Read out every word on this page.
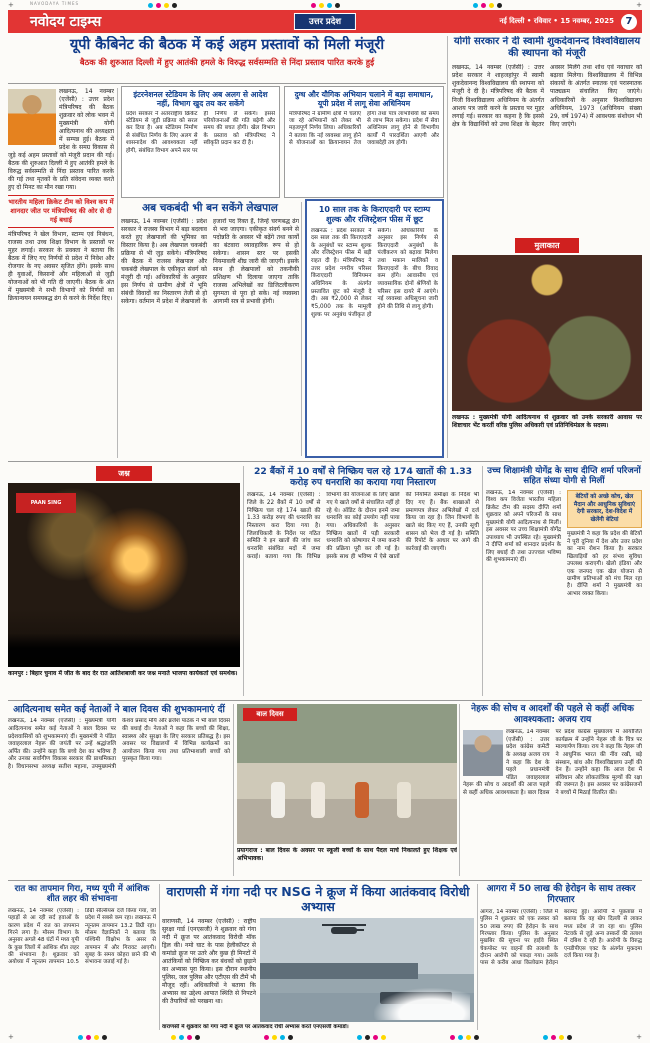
+	+
NAVODAYA TIMES
नवोदय टाइम्स	उत्तर प्रदेश	नई दिल्ली • रविवार • 15 नवम्बर, 2025	7
यूपी कैबिनेट की बैठक में कई अहम प्रस्तावों को मिली मंजूरी

बैठक की शुरुआत दिल्ली में हुए आतंकी हमले के विरुद्ध सर्वसम्मति से निंदा प्रस्ताव पारित करके हुई

लखनऊ, 14 नवम्बर (एजेंसी) : उत्तर प्रदेश मंत्रिपरिषद की बैठक शुक्रवार को लोक भवन में मुख्यमंत्री योगी आदित्यनाथ की अध्यक्षता में सम्पन्न हुई। बैठक में प्रदेश के समग्र विकास से जुड़े कई अहम प्रस्तावों को मंजूरी प्रदान की गई। बैठक की शुरुआत दिल्ली में हुए आतंकी हमले के विरुद्ध सर्वसम्मति से निंदा प्रस्ताव पारित करके की गई तथा मृतकों के प्रति संवेदना व्यक्त करते हुए दो मिनट का मौन रखा गया।
भारतीय महिला क्रिकेट टीम को विश्व कप में शानदार जीत पर मंत्रिपरिषद की ओर से दी गई बधाई
मंत्रिपरिषद ने खेल विभाग, स्टाम्प एवं निबंधन, राजस्व तथा उच्च शिक्षा विभाग के प्रस्तावों पर मुहर लगाई। सरकार के प्रवक्ता ने बताया कि बैठक में लिए गए निर्णयों से प्रदेश में निवेश और रोजगार के नए अवसर सृजित होंगे। इसके साथ ही युवाओं, किसानों और महिलाओं से जुड़ी योजनाओं को भी गति दी जाएगी। बैठक के अंत में मुख्यमंत्री ने सभी विभागों को निर्णयों का क्रियान्वयन समयबद्ध ढंग से करने के निर्देश दिए।
इंटरनेशनल स्टेडियम के लिए अब अलग से आदेश नहीं, विभाग खुद तय कर सकेंगे
प्रदेश सरकार ने अंतरराष्ट्रीय क्रिकेट स्टेडियम से जुड़ी प्रक्रिया को सरल कर दिया है। अब स्टेडियम निर्माण से संबंधित निर्णय के लिए अलग से शासनादेश की आवश्यकता नहीं होगी, संबंधित विभाग अपने स्तर पर ही निर्णय ले सकेंगे। इससे परियोजनाओं की गति बढ़ेगी और समय की बचत होगी। खेल विभाग के प्रस्ताव को मंत्रिपरिषद ने स्वीकृति प्रदान कर दी है।
दुग्ध और यौगिक अभियान चलाने में बड़ा समाधान, यूपी प्रदेश में लागू सेवा अधिनियम
मंत्रिपरिषद ने ग्रामीण क्षेत्रों में चलाए जा रहे अभियानों को लेकर भी महत्वपूर्ण निर्णय लिया। अधिकारियों ने बताया कि नई व्यवस्था लागू होने से योजनाओं का क्रियान्वयन तेज होगा तथा पात्र लाभार्थियों को समय से लाभ मिल सकेगा। प्रदेश में सेवा अधिनियम लागू होने से विभागीय कार्यों में पारदर्शिता आएगी और जवाबदेही तय होगी।
अब चकबंदी भी बन सकेंगे लेखपाल
लखनऊ, 14 नवम्बर (एजेंसी) : प्रदेश सरकार ने राजस्व विभाग में बड़ा बदलाव करते हुए लेखपालों की भूमिका का विस्तार किया है। अब लेखपाल चकबंदी प्रक्रिया से भी जुड़ सकेंगे। मंत्रिपरिषद की बैठक में राजस्व लेखपाल और चकबंदी लेखपाल के एकीकृत संवर्ग को मंजूरी दी गई। अधिकारियों के अनुसार इस निर्णय से ग्रामीण क्षेत्रों में भूमि संबंधी विवादों का निस्तारण तेजी से हो सकेगा। वर्तमान में प्रदेश में लेखपालों के हजारों पद रिक्त हैं, जिन्हें चरणबद्ध ढंग से भरा जाएगा। एकीकृत संवर्ग बनने से पदोन्नति के अवसर भी बढ़ेंगे तथा कार्यों का बंटवारा व्यावहारिक रूप से हो सकेगा। शासन स्तर पर इसकी नियमावली शीघ्र जारी की जाएगी। इसके साथ ही लेखपालों को तकनीकी प्रशिक्षण भी दिलाया जाएगा ताकि राजस्व अभिलेखों का डिजिटलीकरण सुगमता से पूरा हो सके। नई व्यवस्था आगामी सत्र से प्रभावी होगी।
10 साल तक के किराएदारी पर स्टाम्प शुल्क और रजिस्ट्रेशन फीस में छूट
लखनऊ : प्रदेश सरकार ने दस साल तक की किराएदारी के अनुबंधों पर स्टाम्प शुल्क और रजिस्ट्रेशन फीस में बड़ी राहत दी है। मंत्रिपरिषद ने उत्तर प्रदेश नगरीय परिसर किराएदारी विनियमन अधिनियम के अंतर्गत प्रस्तावित छूट को मंजूरी दे दी। अब ₹2,000 से लेकर ₹5,000 तक के मामूली शुल्क पर अनुबंध पंजीकृत हो सकेंगे। अधिकारियों के अनुसार इस निर्णय से किराएदारी अनुबंधों के पंजीकरण को बढ़ावा मिलेगा तथा मकान मालिकों व किराएदारों के बीच विवाद कम होंगे। आवासीय एवं व्यावसायिक दोनों श्रेणियों के परिसर इस दायरे में आएंगे। नई व्यवस्था अधिसूचना जारी होने की तिथि से लागू होगी।
योगी सरकार ने दी स्वामी शुकदेवानन्द विश्वविद्यालय की स्थापना को मंजूरी
लखनऊ, 14 नवम्बर (एजेंसी) : उत्तर प्रदेश सरकार ने शाहजहांपुर में स्वामी शुकदेवानन्द विश्वविद्यालय की स्थापना को मंजूरी दे दी है। मंत्रिपरिषद की बैठक में निजी विश्वविद्यालय अधिनियम के अंतर्गत आशय पत्र जारी करने के प्रस्ताव पर मुहर लगाई गई। सरकार का कहना है कि इससे क्षेत्र के विद्यार्थियों को उच्च शिक्षा के बेहतर अवसर मिलेंगे तथा शोध एवं नवाचार को बढ़ावा मिलेगा। विश्वविद्यालय में विभिन्न संकायों के अंतर्गत स्नातक एवं परास्नातक पाठ्यक्रम संचालित किए जाएंगे। अधिकारियों के अनुसार विश्वविद्यालय अधिनियम, 1973 (अधिनियम संख्या 29, वर्ष 1974) में आवश्यक संशोधन भी किए जाएंगे।
मुलाकात
लखनऊ : मुख्यमंत्री योगी आदित्यनाथ से शुक्रवार को उनके सरकारी आवास पर शिष्टाचार भेंट करतीं वरिष्ठ पुलिस अधिकारी एवं प्रतिनिधिमंडल के सदस्य।
जश्न
PAAN SING
कानपुर : बिहार चुनाव में जीत के बाद देर रात आतिशबाजी कर जश्न मनाते भाजपा कार्यकर्ता एवं समर्थक।
22 बैंकों में 10 वर्षों से निष्क्रिय चल रहे 174 खातों की 1.33 करोड़ रुप धनराशि का कराया गया निस्तारण
लखनऊ, 14 नवम्बर (एजेंसी) : जिले के 22 बैंकों में 10 वर्षों से निष्क्रिय चल रहे 174 खातों की 1.33 करोड़ रुपए की धनराशि का निस्तारण करा दिया गया है। जिलाधिकारी के निर्देश पर गठित समिति ने इन खातों की जांच कर धनराशि संबंधित मदों में जमा कराई। बताया गया कि विभिन्न विभागों की योजनाओं के लिए खोले गए ये खाते वर्षों से संचालित नहीं हो रहे थे। ऑडिट के दौरान इनमें जमा धनराशि का कोई उपयोग नहीं पाया गया। अधिकारियों के अनुसार निष्क्रिय खातों में पड़ी सरकारी धनराशि को कोषागार में जमा कराने की प्रक्रिया पूरी कर ली गई है। इसके साथ ही भविष्य में ऐसे खातों की नियमित समीक्षा के निर्देश भी दिए गए हैं। बैंक शाखाओं से प्रमाणपत्र लेकर अभिलेखों में दर्ज किया जा रहा है। जिन विभागों के खाते बंद किए गए हैं, उनकी सूची शासन को भेज दी गई है। समिति की रिपोर्ट के आधार पर आगे की कार्रवाई की जाएगी।
उच्च शिक्षामंत्री योगेंद्र के साथ दीप्ति शर्मा परिजनों सहित संध्या योगी से मिलीं
लखनऊ, 14 नवम्बर (एजेंसी) : विश्व कप विजेता भारतीय महिला क्रिकेट टीम की सदस्य दीप्ति शर्मा शुक्रवार को अपने परिजनों के साथ मुख्यमंत्री योगी आदित्यनाथ से मिलीं। इस अवसर पर उच्च शिक्षामंत्री योगेंद्र उपाध्याय भी उपस्थित रहे। मुख्यमंत्री ने दीप्ति शर्मा को शानदार प्रदर्शन के लिए बधाई दी तथा उज्ज्वल भविष्य की शुभकामनाएं दीं।
बेटियों को अच्छे कोच, खेल मैदान और आधुनिक सुविधाएं देगी सरकार, देश-विदेश में खेलेंगी बेटियां
मुख्यमंत्री ने कहा कि प्रदेश की बेटियों ने पूरी दुनिया में देश और उत्तर प्रदेश का नाम रोशन किया है। सरकार खिलाड़ियों को हर संभव सुविधा उपलब्ध कराएगी। खेलो इंडिया और एक जनपद एक खेल योजना से ग्रामीण प्रतिभाओं को मंच मिल रहा है। दीप्ति शर्मा ने मुख्यमंत्री का आभार व्यक्त किया।
आदित्यनाथ समेत कई नेताओं ने बाल दिवस की शुभकामनाएं दीं
लखनऊ, 14 नवम्बर (एजेंसी) : मुख्यमंत्री योगी आदित्यनाथ समेत कई नेताओं ने बाल दिवस पर प्रदेशवासियों को शुभकामनाएं दीं। मुख्यमंत्री ने पंडित जवाहरलाल नेहरू की जयंती पर उन्हें श्रद्धांजलि अर्पित की। उन्होंने कहा कि बच्चे देश का भविष्य हैं और उनका सर्वांगीण विकास सरकार की प्राथमिकता है। विधानसभा अध्यक्ष सतीश महाना, उपमुख्यमंत्री केशव प्रसाद मौर्य और ब्रजेश पाठक ने भी बाल दिवस की बधाई दी। नेताओं ने कहा कि बच्चों की शिक्षा, स्वास्थ्य और सुरक्षा के लिए सरकार प्रतिबद्ध है। इस अवसर पर विद्यालयों में विभिन्न कार्यक्रमों का आयोजन किया गया तथा प्रतिभाशाली बच्चों को पुरस्कृत किया गया।
बाल दिवस
प्रयागराज : बाल दिवस के अवसर पर स्कूली बच्चों के साथ पैदल मार्च निकालते हुए शिक्षक एवं अभिभावक।
नेहरू की सोच व आदर्शों की पहले से कहीं अधिक आवश्यकता: अजय राय
लखनऊ, 14 नवम्बर (एजेंसी) : उत्तर प्रदेश कांग्रेस कमेटी के अध्यक्ष अजय राय ने कहा कि देश के पहले प्रधानमंत्री पंडित जवाहरलाल नेहरू की सोच व आदर्शों की आज पहले से कहीं अधिक आवश्यकता है। बाल दिवस पर प्रदेश कांग्रेस मुख्यालय में आयोजित कार्यक्रम में उन्होंने नेहरू जी के चित्र पर माल्यार्पण किया। राय ने कहा कि नेहरू जी ने आधुनिक भारत की नींव रखी, बड़े संस्थान, बांध और विश्वविद्यालय उन्हीं की देन हैं। उन्होंने कहा कि आज देश में संविधान और लोकतांत्रिक मूल्यों की रक्षा की जरूरत है। इस अवसर पर कांग्रेसजनों ने बच्चों में मिठाई वितरित की।
रात का तापमान गिरा, मध्य यूपी में आंशिक शीत लहर की संभावना
लखनऊ, 14 नवम्बर (एजेंसी) : पहाड़ों से आ रही सर्द हवाओं के कारण प्रदेश में रात का तापमान गिरने लगा है। मौसम विभाग के अनुसार अगले 48 घंटों में मध्य यूपी के कुछ जिलों में आंशिक शीत लहर की संभावना है। शुक्रवार को अयोध्या में न्यूनतम तापमान 10.5 डिग्री सेल्सियस दर्ज किया गया, जो प्रदेश में सबसे कम रहा। लखनऊ में न्यूनतम तापमान 13.2 डिग्री रहा। मौसम वैज्ञानिकों ने बताया कि पश्चिमी विक्षोभ के असर से तापमान में और गिरावट आएगी। सुबह के समय कोहरा छाने की भी संभावना जताई गई है।
वाराणसी में गंगा नदी पर NSG ने क्रूज में किया आतंकवाद विरोधी अभ्यास
वाराणसी, 14 नवम्बर (एजेंसी) : राष्ट्रीय सुरक्षा गार्ड (एनएसजी) ने शुक्रवार को गंगा नदी में क्रूज पर आतंकवाद विरोधी मॉक ड्रिल की। नमो घाट के पास हेलीकॉप्टर से कमांडो क्रूज पर उतरे और कुछ ही मिनटों में आतंकियों को निष्क्रिय कर बंधकों को छुड़ाने का अभ्यास पूरा किया। इस दौरान स्थानीय पुलिस, जल पुलिस और एटीएस की टीमें भी मौजूद रहीं। अधिकारियों ने बताया कि अभ्यास का उद्देश्य आपात स्थिति से निपटने की तैयारियों को परखना था।
वाराणसी में शुक्रवार को गंगा नदी में क्रूज पर आतंकवाद रोधी अभ्यास करते एनएसजी कमांडो।
आगरा में 50 लाख की हेरोइन के साथ तस्कर गिरफ्तार
आगरा, 14 नवम्बर (एजेंसी) : जिले में पुलिस ने शुक्रवार को एक तस्कर को 50 लाख रुपए की हेरोइन के साथ गिरफ्तार किया। पुलिस के अनुसार मुखबिर की सूचना पर हाईवे स्थित चेकपोस्ट पर वाहनों की तलाशी के दौरान आरोपी को पकड़ा गया। उसके पास से करीब आधा किलोग्राम हेरोइन बरामद हुई। आरोपी ने पूछताछ में बताया कि वह खेप दिल्ली से लाकर मध्य प्रदेश ले जा रहा था। पुलिस नेटवर्क से जुड़े अन्य तस्करों की तलाश में दबिश दे रही है। आरोपी के विरुद्ध एनडीपीएस एक्ट के अंतर्गत मुकदमा दर्ज किया गया है।
+	+
